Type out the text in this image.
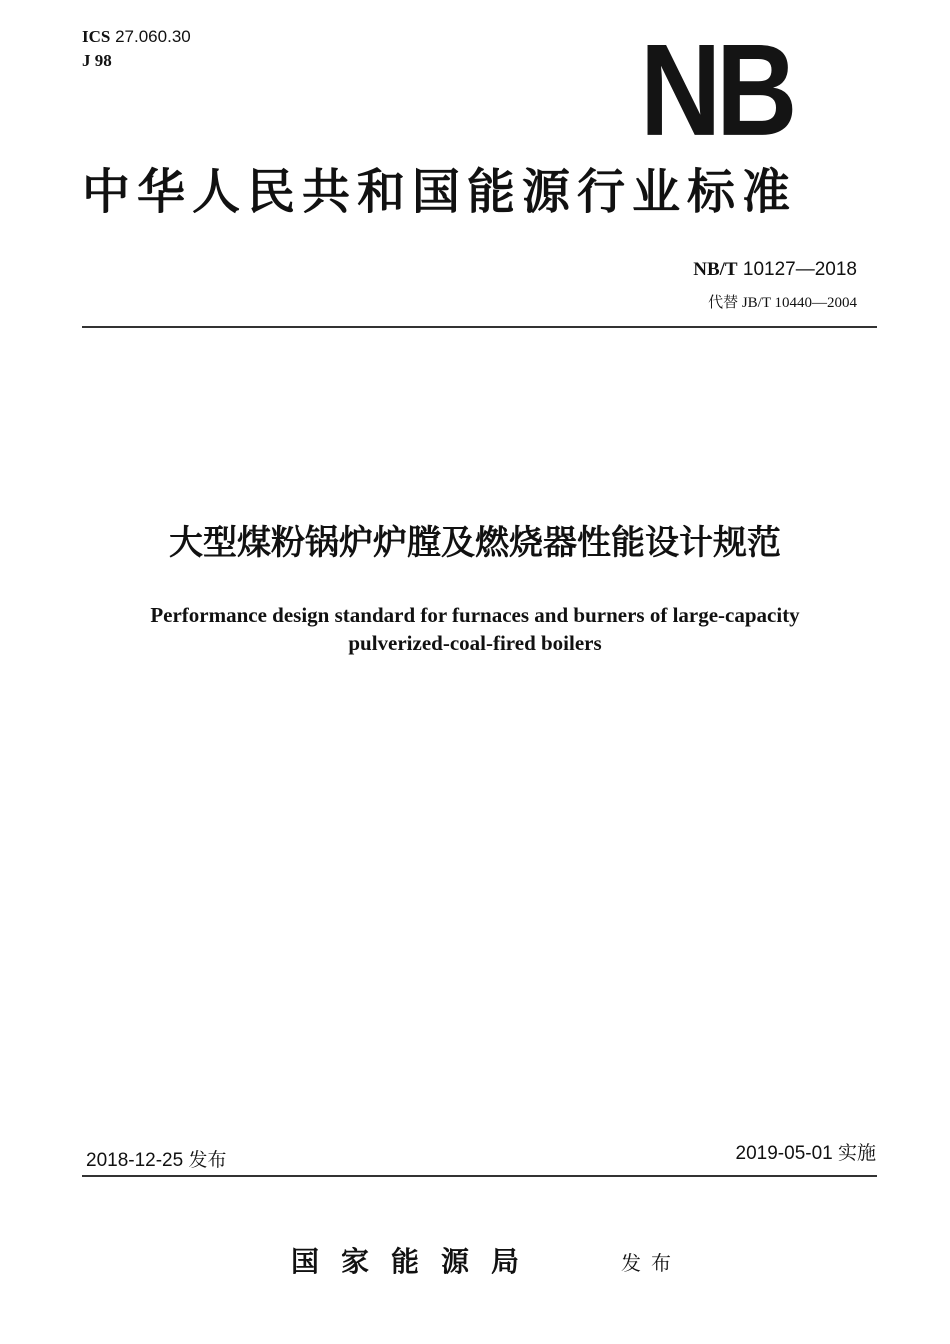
ICS 27.060.30
J 98	NB
中华人民共和国能源行业标准
NB/T 10127—2018
代替 JB/T 10440—2004
大型煤粉锅炉炉膛及燃烧器性能设计规范
Performance design standard for furnaces and burners of large-capacity
pulverized-coal-fired boilers
2018-12-25 发布	2019-05-01 实施
国家能源局	发布
